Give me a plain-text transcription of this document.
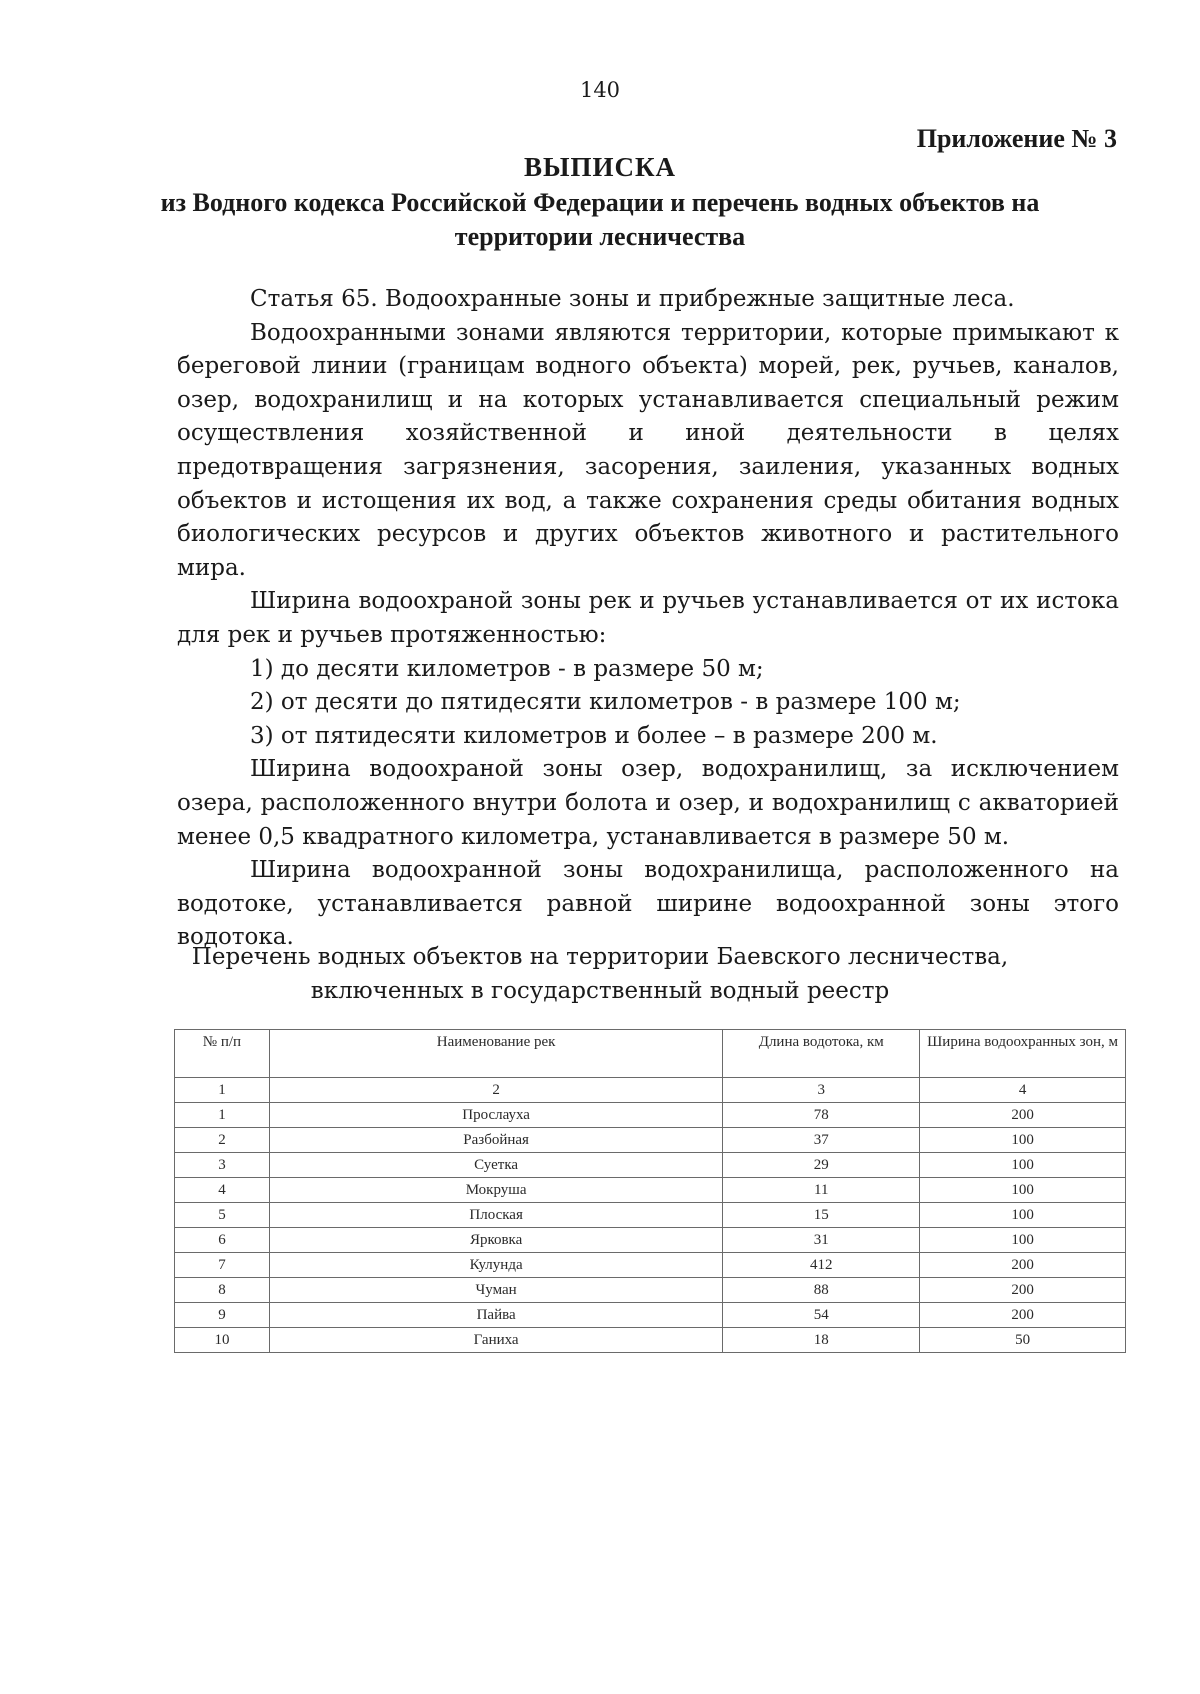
140
Приложение № 3
ВЫПИСКА
из Водного кодекса Российской Федерации и перечень водных объектов на территории лесничества

Статья 65. Водоохранные зоны и прибрежные защитные леса.

Водоохранными зонами являются территории, которые примыкают к береговой линии (границам водного объекта) морей, рек, ручьев, каналов, озер, водохранилищ и на которых устанавливается специальный режим осуществления хозяйственной и иной деятельности в целях предотвращения загрязнения, засорения, заиления, указанных водных объектов и истощения их вод, а также сохранения среды обитания водных биологических ресурсов и других объектов животного и растительного мира.

Ширина водоохраной зоны рек и ручьев устанавливается от их истока для рек и ручьев протяженностью:

1) до десяти километров - в размере 50 м;

2) от десяти до пятидесяти километров - в размере 100 м;

3) от пятидесяти километров и более – в размере 200 м.

Ширина водоохраной зоны озер, водохранилищ, за исключением озера, расположенного внутри болота и озер, и водохранилищ с акваторией менее 0,5 квадратного километра, устанавливается в размере 50 м.

Ширина водоохранной зоны водохранилища, расположенного на водотоке, устанавливается равной ширине водоохранной зоны этого водотока.

Перечень водных объектов на территории Баевского лесничества,
включенных в государственный водный реестр
№ п/п	Наименование рек	Длина водотока, км	Ширина водоохранных зон, м
1	2	3	4
1	Прослауха	78	200
2	Разбойная	37	100
3	Суетка	29	100
4	Мокруша	11	100
5	Плоская	15	100
6	Ярковка	31	100
7	Кулунда	412	200
8	Чуман	88	200
9	Пайва	54	200
10	Ганиха	18	50
